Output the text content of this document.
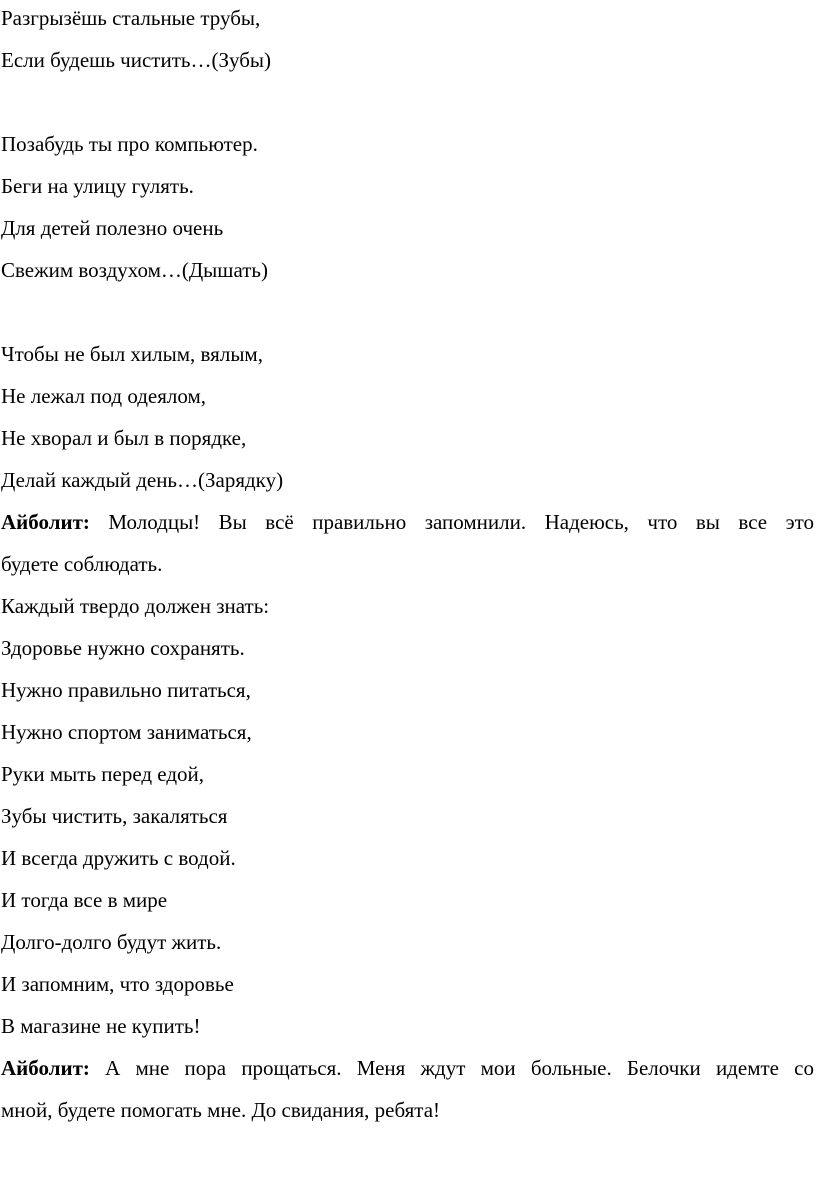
Разгрызёшь стальные трубы,
Если будешь чистить…(Зубы)
Позабудь ты про компьютер.
Беги на улицу гулять.
Для детей полезно очень
Свежим воздухом…(Дышать)
Чтобы не был хилым, вялым,
Не лежал под одеялом,
Не хворал и был в порядке,
Делай каждый день…(Зарядку)
Айболит: Молодцы! Вы всё правильно запомнили. Надеюсь, что вы все это
будете соблюдать.
Каждый твердо должен знать:
Здоровье нужно сохранять.
Нужно правильно питаться,
Нужно спортом заниматься,
Руки мыть перед едой,
Зубы чистить, закаляться
И всегда дружить с водой.
И тогда все в мире
Долго-долго будут жить.
И запомним, что здоровье
В магазине не купить!
Айболит: А мне пора прощаться. Меня ждут мои больные. Белочки идемте со
мной, будете помогать мне. До свидания, ребята!
